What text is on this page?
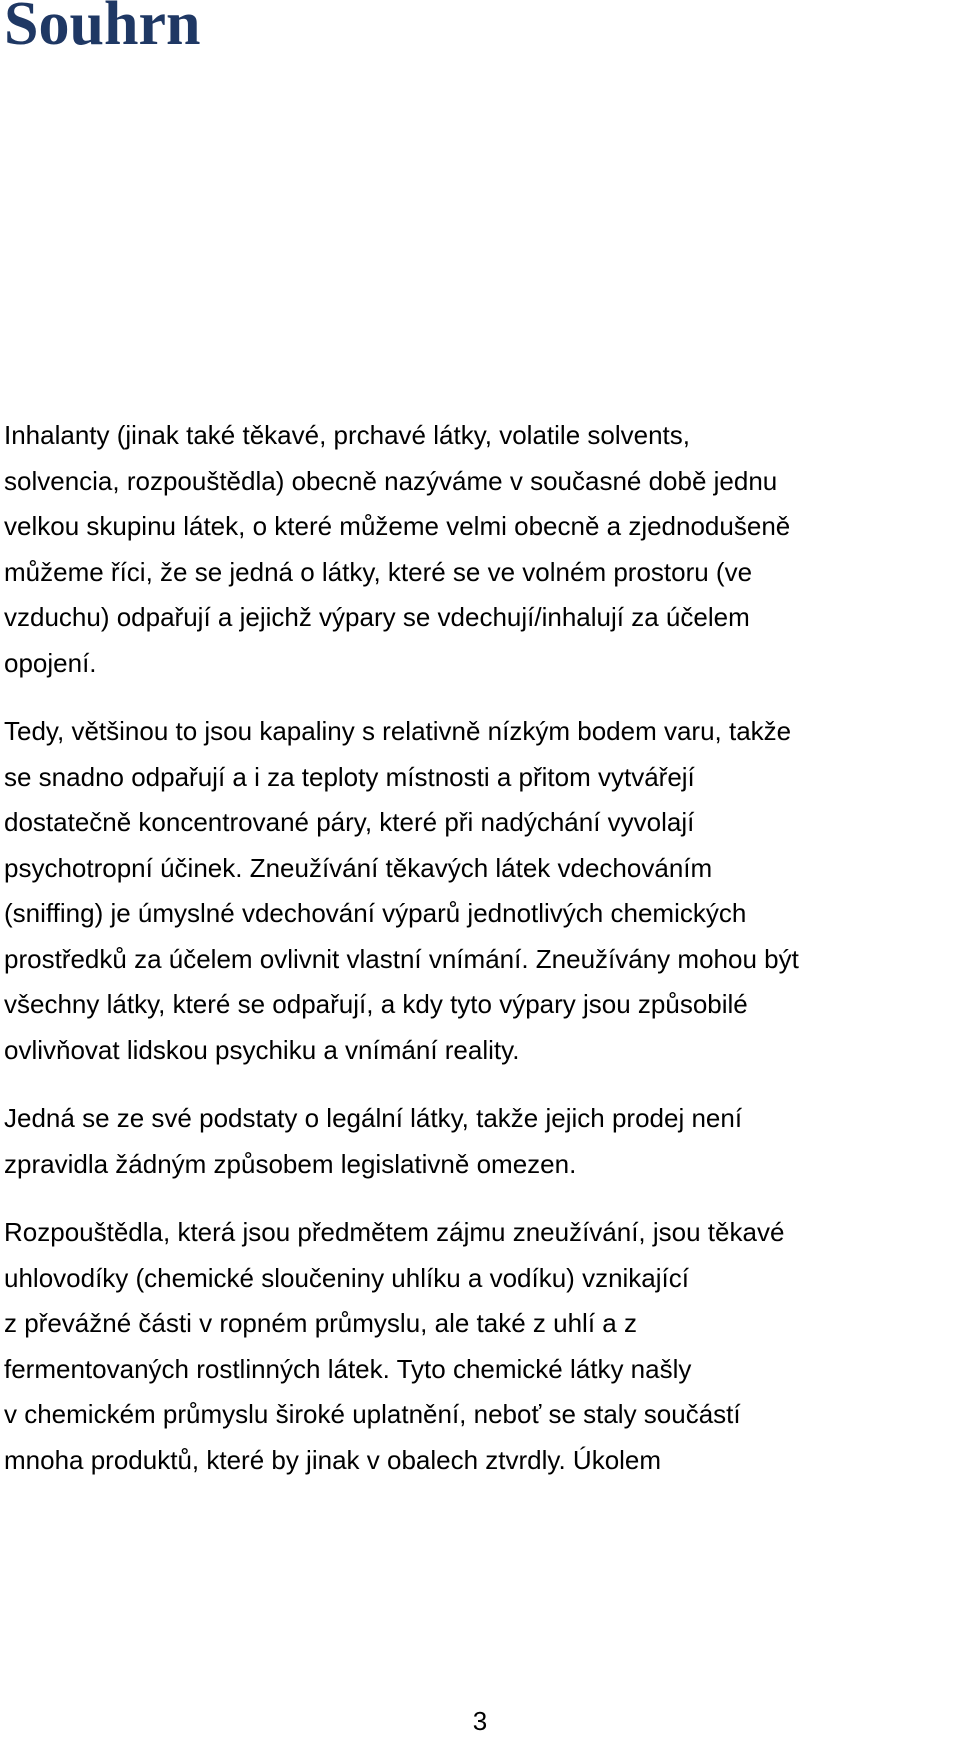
Souhrn

Inhalanty (jinak také těkavé, prchavé látky, volatile solvents,
solvencia, rozpouštědla) obecně nazýváme v současné době jednu
velkou skupinu látek, o které můžeme velmi obecně a zjednodušeně
můžeme říci, že se jedná o látky, které se ve volném prostoru (ve
vzduchu) odpařují a jejichž výpary se vdechují/inhalují za účelem
opojení.

Tedy, většinou to jsou kapaliny s relativně nízkým bodem varu, takže
se snadno odpařují a i za teploty místnosti a přitom vytvářejí
dostatečně koncentrované páry, které při nadýchání vyvolají
psychotropní účinek. Zneužívání těkavých látek vdechováním
(sniffing) je úmyslné vdechování výparů jednotlivých chemických
prostředků za účelem ovlivnit vlastní vnímání. Zneužívány mohou být
všechny látky, které se odpařují, a kdy tyto výpary jsou způsobilé
ovlivňovat lidskou psychiku a vnímání reality.

Jedná se ze své podstaty o legální látky, takže jejich prodej není
zpravidla žádným způsobem legislativně omezen.

Rozpouštědla, která jsou předmětem zájmu zneužívání, jsou těkavé
uhlovodíky (chemické sloučeniny uhlíku a vodíku) vznikající
z převážné části v ropném průmyslu, ale také z uhlí a z
fermentovaných rostlinných látek. Tyto chemické látky našly
v chemickém průmyslu široké uplatnění, neboť se staly součástí
mnoha produktů, které by jinak v obalech ztvrdly. Úkolem

3
